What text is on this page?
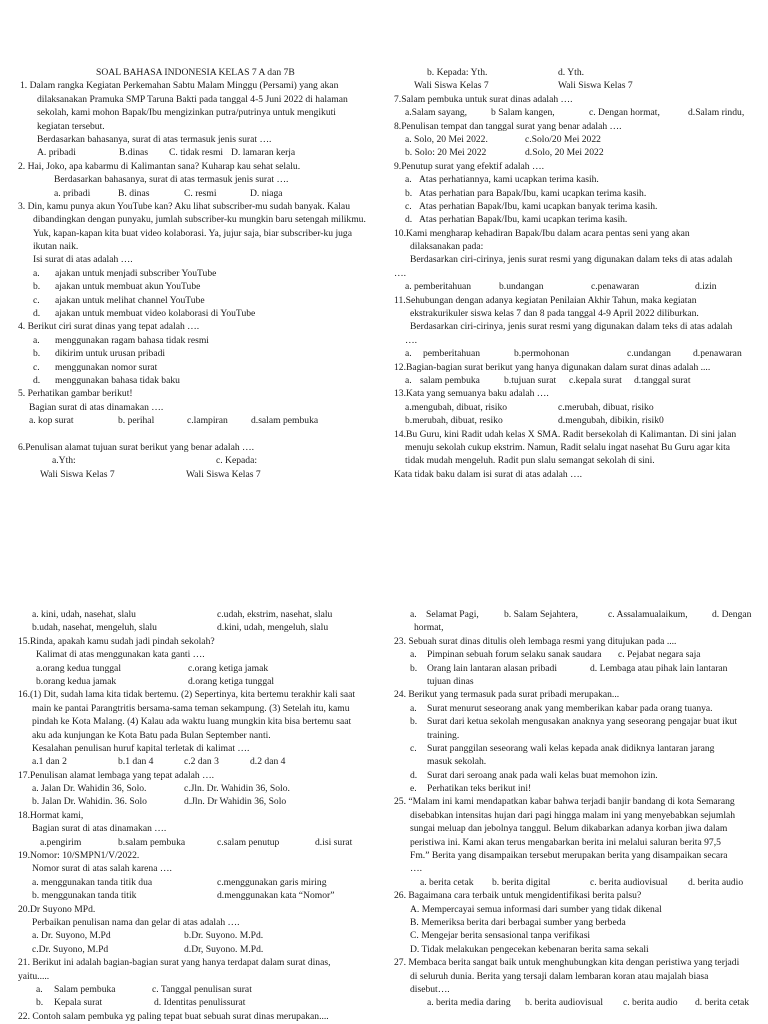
SOAL BAHASA INDONESIA KELAS 7 A dan 7B
1. Dalam rangka Kegiatan Perkemahan Sabtu Malam Minggu (Persami) yang akan
dilaksanakan Pramuka SMP Taruna Bakti pada tanggal 4-5 Juni 2022 di halaman
sekolah, kami mohon Bapak/Ibu mengizinkan putra/putrinya untuk mengikuti
kegiatan tersebut.
Berdasarkan bahasanya, surat di atas termasuk jenis surat ….
A. pribadi	B.dinas C. tidak resmi D. lamaran kerja
2. Hai, Joko, apa kabarmu di Kalimantan sana? Kuharap kau sehat selalu.
Berdasarkan bahasanya, surat di atas termasuk jenis surat ….
a. pribadi	B. dinas	C. resmi	D. niaga
3. Din, kamu punya akun YouTube kan? Aku lihat subscriber-mu sudah banyak. Kalau
dibandingkan dengan punyaku, jumlah subscriber-ku mungkin baru setengah milikmu.
Yuk, kapan-kapan kita buat video kolaborasi. Ya, jujur saja, biar subscriber-ku juga
ikutan naik.
Isi surat di atas adalah ….
a. ajakan untuk menjadi subscriber YouTube
b. ajakan untuk membuat akun YouTube
c. ajakan untuk melihat channel YouTube
d. ajakan untuk membuat video kolaborasi di YouTube
4. Berikut ciri surat dinas yang tepat adalah ….
a. menggunakan ragam bahasa tidak resmi
b. dikirim untuk urusan pribadi
c. menggunakan nomor surat
d. menggunakan bahasa tidak baku
5. Perhatikan gambar berikut!
Bagian surat di atas dinamakan ….
a. kop surat	b. perihal	c.lampiran d.salam pembuka
6.Penulisan alamat tujuan surat berikut yang benar adalah ….
a.Yth:	c. Kepada:
Wali Siswa Kelas 7	Wali Siswa Kelas 7
b. Kepada: Yth.	d. Yth.
Wali Siswa Kelas 7	Wali Siswa Kelas 7
7.Salam pembuka untuk surat dinas adalah ….
a.Salam sayang, b Salam kangen,	c. Dengan hormat,	d.Salam rindu,
8.Penulisan tempat dan tanggal surat yang benar adalah ….
a. Solo, 20 Mei 2022.	c.Solo/20 Mei 2022
b. Solo: 20 Mei 2022	d.Solo, 20 Mei 2022
9.Penutup surat yang efektif adalah ….
a. Atas perhatiannya, kami ucapkan terima kasih.
b. Atas perhatian para Bapak/Ibu, kami ucapkan terima kasih.
c. Atas perhatian Bapak/Ibu, kami ucapkan banyak terima kasih.
d. Atas perhatian Bapak/Ibu, kami ucapkan terima kasih.
10.Kami mengharap kehadiran Bapak/Ibu dalam acara pentas seni yang akan
dilaksanakan pada:
Berdasarkan ciri-cirinya, jenis surat resmi yang digunakan dalam teks di atas adalah
….
a. pemberitahuan	b.undangan	c.penawaran	d.izin
11.Sehubungan dengan adanya kegiatan Penilaian Akhir Tahun, maka kegiatan
ekstrakurikuler siswa kelas 7 dan 8 pada tanggal 4-9 April 2022 diliburkan.
Berdasarkan ciri-cirinya, jenis surat resmi yang digunakan dalam teks di atas adalah
….
a. pemberitahuan	b.permohonan	c.undangan d.penawaran
12.Bagian-bagian surat berikut yang hanya digunakan dalam surat dinas adalah ....
a. salam pembuka	b.tujuan surat c.kepala surat d.tanggal surat
13.Kata yang semuanya baku adalah ….
a.mengubah, dibuat, risiko	c.merubah, dibuat, risiko
b.merubah, dibuat, resiko	d.mengubah, dibikin, risik0
14.Bu Guru, kini Radit udah kelas X SMA. Radit bersekolah di Kalimantan. Di sini jalan
menuju sekolah cukup ekstrim. Namun, Radit selalu ingat nasehat Bu Guru agar kita
tidak mudah mengeluh. Radit pun slalu semangat sekolah di sini.
Kata tidak baku dalam isi surat di atas adalah ….
a. kini, udah, nasehat, slalu	c.udah, ekstrim, nasehat, slalu
b.udah, nasehat, mengeluh, slalu	d.kini, udah, mengeluh, slalu
15.Rinda, apakah kamu sudah jadi pindah sekolah?
Kalimat di atas menggunakan kata ganti ….
a.orang kedua tunggal	c.orang ketiga jamak
b.orang kedua jamak	d.orang ketiga tunggal
16.(1) Dit, sudah lama kita tidak bertemu. (2) Sepertinya, kita bertemu terakhir kali saat
main ke pantai Parangtritis bersama-sama teman sekampung. (3) Setelah itu, kamu
pindah ke Kota Malang. (4) Kalau ada waktu luang mungkin kita bisa bertemu saat
aku ada kunjungan ke Kota Batu pada Bulan September nanti.
Kesalahan penulisan huruf kapital terletak di kalimat ….
a.1 dan 2	b.1 dan 4	c.2 dan 3	d.2 dan 4
17.Penulisan alamat lembaga yang tepat adalah ….
a. Jalan Dr. Wahidin 36, Solo.	c.Jln. Dr. Wahidin 36, Solo.
b. Jalan Dr. Wahidin. 36. Solo	d.Jln. Dr Wahidin 36, Solo
18.Hormat kami,
Bagian surat di atas dinamakan ….
a.pengirim	b.salam pembuka	c.salam penutup	d.isi surat
19.Nomor: 10/SMPN1/V/2022.
Nomor surat di atas salah karena ….
a. menggunakan tanda titik dua	c.menggunakan garis miring
b. menggunakan tanda titik	d.menggunakan kata “Nomor”
20.Dr Suyono MPd.
Perbaikan penulisan nama dan gelar di atas adalah ….
a. Dr. Suyono, M.Pd	b.Dr. Suyono. M.Pd.
c.Dr. Suyono, M.Pd	d.Dr, Suyono. M.Pd.
21. Berikut ini adalah bagian-bagian surat yang hanya terdapat dalam surat dinas,
yaitu.....
a. Salam pembuka	c. Tanggal penulisan surat
b. Kepala surat	d. Identitas penulissurat
22. Contoh salam pembuka yg paling tepat buat sebuah surat dinas merupakan....
a. Selamat Pagi,	b. Salam Sejahtera,	c. Assalamualaikum,	d. Dengan
hormat,
23. Sebuah surat dinas ditulis oleh lembaga resmi yang ditujukan pada ....
a. Pimpinan sebuah forum selaku sanak saudara c. Pejabat negara saja
b. Orang lain lantaran alasan pribadi	d. Lembaga atau pihak lain lantaran
tujuan dinas
24. Berikut yang termasuk pada surat pribadi merupakan...
a. Surat menurut seseorang anak yang memberikan kabar pada orang tuanya.
b. Surat dari ketua sekolah mengusakan anaknya yang seseorang pengajar buat ikut
training.
c. Surat panggilan seseorang wali kelas kepada anak didiknya lantaran jarang
masuk sekolah.
d. Surat dari seroang anak pada wali kelas buat memohon izin.
e. Perhatikan teks berikut ini!
25. “Malam ini kami mendapatkan kabar bahwa terjadi banjir bandang di kota Semarang
disebabkan intensitas hujan dari pagi hingga malam ini yang menyebabkan sejumlah
sungai meluap dan jebolnya tanggul. Belum dikabarkan adanya korban jiwa dalam
peristiwa ini. Kami akan terus mengabarkan berita ini melalui saluran berita 97,5
Fm.” Berita yang disampaikan tersebut merupakan berita yang disampaikan secara
….
a. berita cetak b. berita digital	c. berita audiovisual d. berita audio
26. Bagaimana cara terbaik untuk mengidentifikasi berita palsu?
A. Mempercayai semua informasi dari sumber yang tidak dikenal
B. Memeriksa berita dari berbagai sumber yang berbeda
C. Mengejar berita sensasional tanpa verifikasi
D. Tidak melakukan pengecekan kebenaran berita sama sekali
27. Membaca berita sangat baik untuk menghubungkan kita dengan peristiwa yang terjadi
di seluruh dunia. Berita yang tersaji dalam lembaran koran atau majalah biasa
disebut….
a. berita media daring b. berita audiovisual c. berita audio d. berita cetak
